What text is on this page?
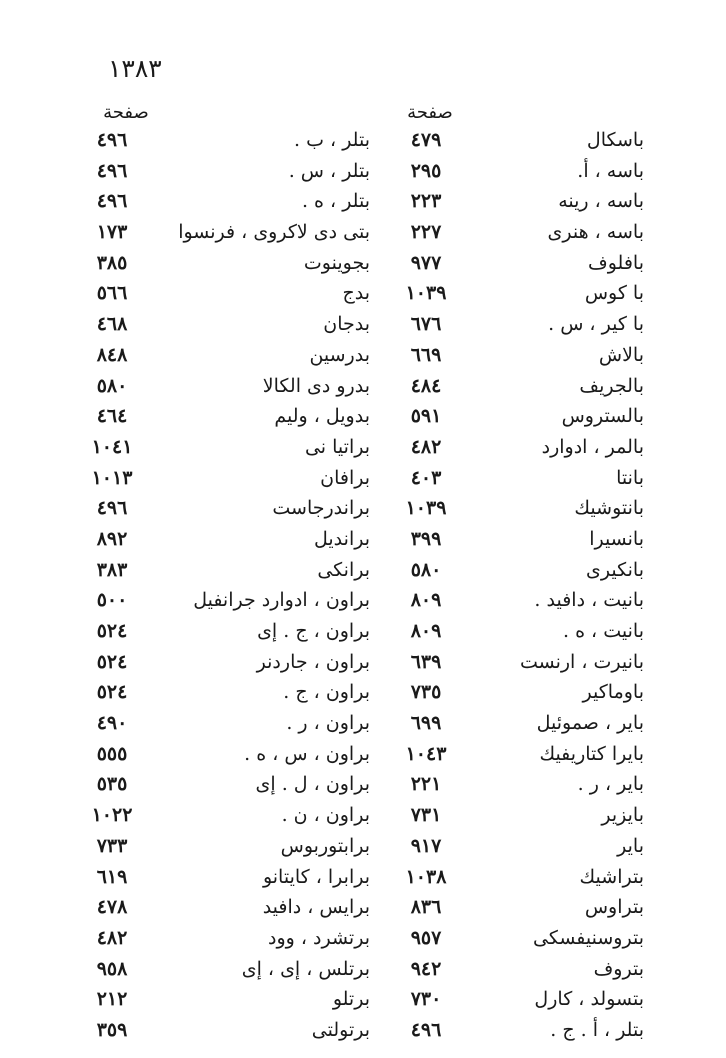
١٣٨٣
صفحة	صفحة
بتلر ، ب .
٤٩٦
بتلر ، س .
٤٩٦
بتلر ، ه .
٤٩٦
بتی دی لاکروی ، فرنسوا
١٧٣
بجوينوت
٣٨٥
بدج
٥٦٦
بدجان
٤٦٨
بدرسین
٨٤٨
بدرو دی الکالا
٥٨٠
بدویل ، ولیم
٤٦٤
براتیا نی
١٠٤١
برافان
١٠١٣
براندرجاست
٤٩٦
براندیل
٨٩٢
برانکی
٣٨٣
براون ، ادوارد جرانفیل
٥٠٠
براون ، ج . إی
٥٢٤
براون ، جاردنر
٥٢٤
براون ، ج .
٥٢٤
براون ، ر .
٤٩٠
براون ، س ، ه .
٥٥٥
براون ، ل . إی
٥٣٥
براون ، ن .
١٠٢٢
برابتوربوس
٧٣٣
برابرا ، کایتانو
٦١٩
برایس ، دافید
٤٧٨
برتشرد ، وود
٤٨٢
برتلس ، إی ، إی
٩٥٨
برتلو
٢١٢
برتولتی
٣٥٩
باسکال
٤٧٩
باسه ، أ.
٢٩٥
باسه ، رينه
٢٢٣
باسه ، هنری
٢٢٧
بافلوف
٩٧٧
با کوس
١٠٣٩
با کیر ، س .
٦٧٦
بالاش
٦٦٩
بالجريف
٤٨٤
بالستروس
٥٩١
بالمر ، ادوارد
٤٨٢
بانتا
٤٠٣
بانتوشیك
١٠٣٩
بانسیرا
٣٩٩
بانکیری
٥٨٠
بانیت ، دافید .
٨٠٩
بانیت ، ه .
٨٠٩
بانیرت ، ارنست
٦٣٩
باوماکیر
٧٣٥
بایر ، صموئیل
٦٩٩
بایرا کتاریفیك
١٠٤٣
بایر ، ر .
٢٢١
بایزیر
٧٣١
بایر
٩١٧
بتراشیك
١٠٣٨
بتراوس
٨٣٦
بتروسنیفسکی
٩٥٧
بتروف
٩٤٢
بتسولد ، کارل
٧٣٠
بتلر ، أ . ج .
٤٩٦
